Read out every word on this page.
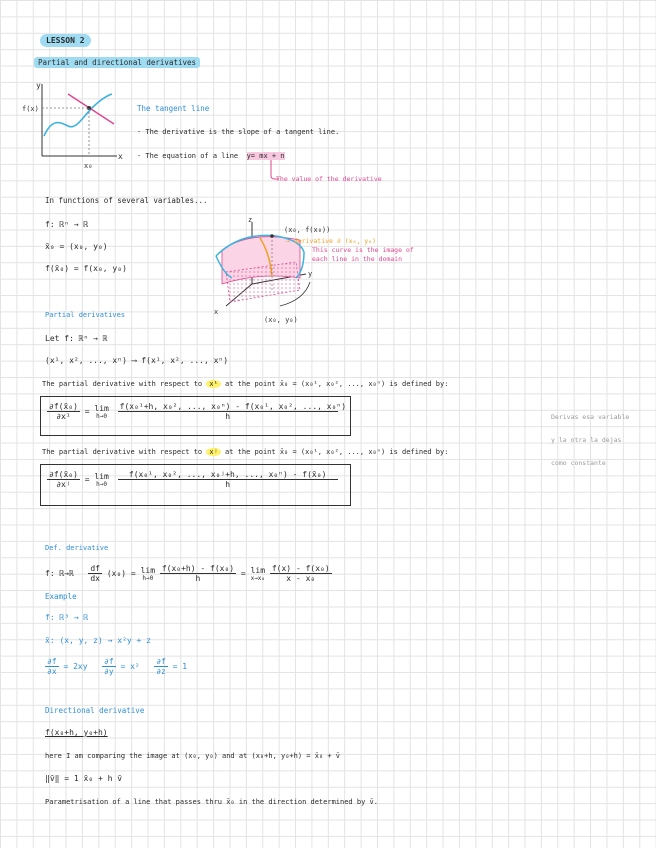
LESSON 2
Partial and directional derivatives
y
x
f(x)
x₀
The tangent line
- The derivative is the slope of a tangent line.
- The equation of a line y= mx + n
The value of the derivative
In functions of several variables...
f: ℝⁿ → ℝ
x̄₀ = (x₀, y₀)
f(x̄₀) = f(x₀, y₀)
z
y
x
(x₀, f(x₀))
→ derivative ∂ (x₀, y₀)
This curve is the image of
each line in the domain
(x₀, y₀)
Partial derivatives
Let f: ℝⁿ → ℝ
(x¹, x², ..., xⁿ) ⟶ f(x¹, x², ..., xⁿ)
The partial derivative with respect to x¹ at the point x̄₀ = (x₀¹, x₀², ..., x₀ⁿ) is defined by:
$\frac{\text{∂f(x̄₀)}}{\text{∂x¹}} = \lim$
h→0
$\frac{\text{f(x₀¹+h, x₀², ..., x₀ⁿ) - f(x₀¹, x₀², ..., x₀ⁿ)}}{h}$
The partial derivative with respect to xʲ at the point x̄₀ = (x₀¹, x₀², ..., x₀ⁿ) is defined by:
$\frac{\text{∂f(x̄₀)}}{\text{∂xʲ}} = \lim$
h→0
$\frac{\text{f(x₀¹, x₀², ..., x₀ʲ+h, ..., x₀ⁿ) - f(x̄₀)}}{h}$
Derivas esa variable
y la otra la dejas
como constante
Def. derivative
f: ℝ→ℝ $\frac{df}{dx} (x_0) = \lim$
h→0
$\frac{\text{f(x₀+h) - f(x₀)}}{h} = \lim$
x→x₀
$\frac{\text{f(x) - f(x₀)}}{\text{x - x₀}}$
Example
f: ℝ³ → ℝ
x̄: (x, y, z) → x²y + z
$\frac{\partial f}{\partial x} = 2xy \frac{\partial f}{\partial y} = x^2 \frac{\partial f}{\partial z} = 1$
Directional derivative
f(x₀+h, y₀+h)
here I am comparing the image at (x₀, y₀) and at (x₀+h, y₀+h) = x̄₀ + v̄
‖v̄‖ = 1 x̄₀ + h v̄
Parametrisation of a line that passes thru x̄₀ in the direction determined by v̄.
